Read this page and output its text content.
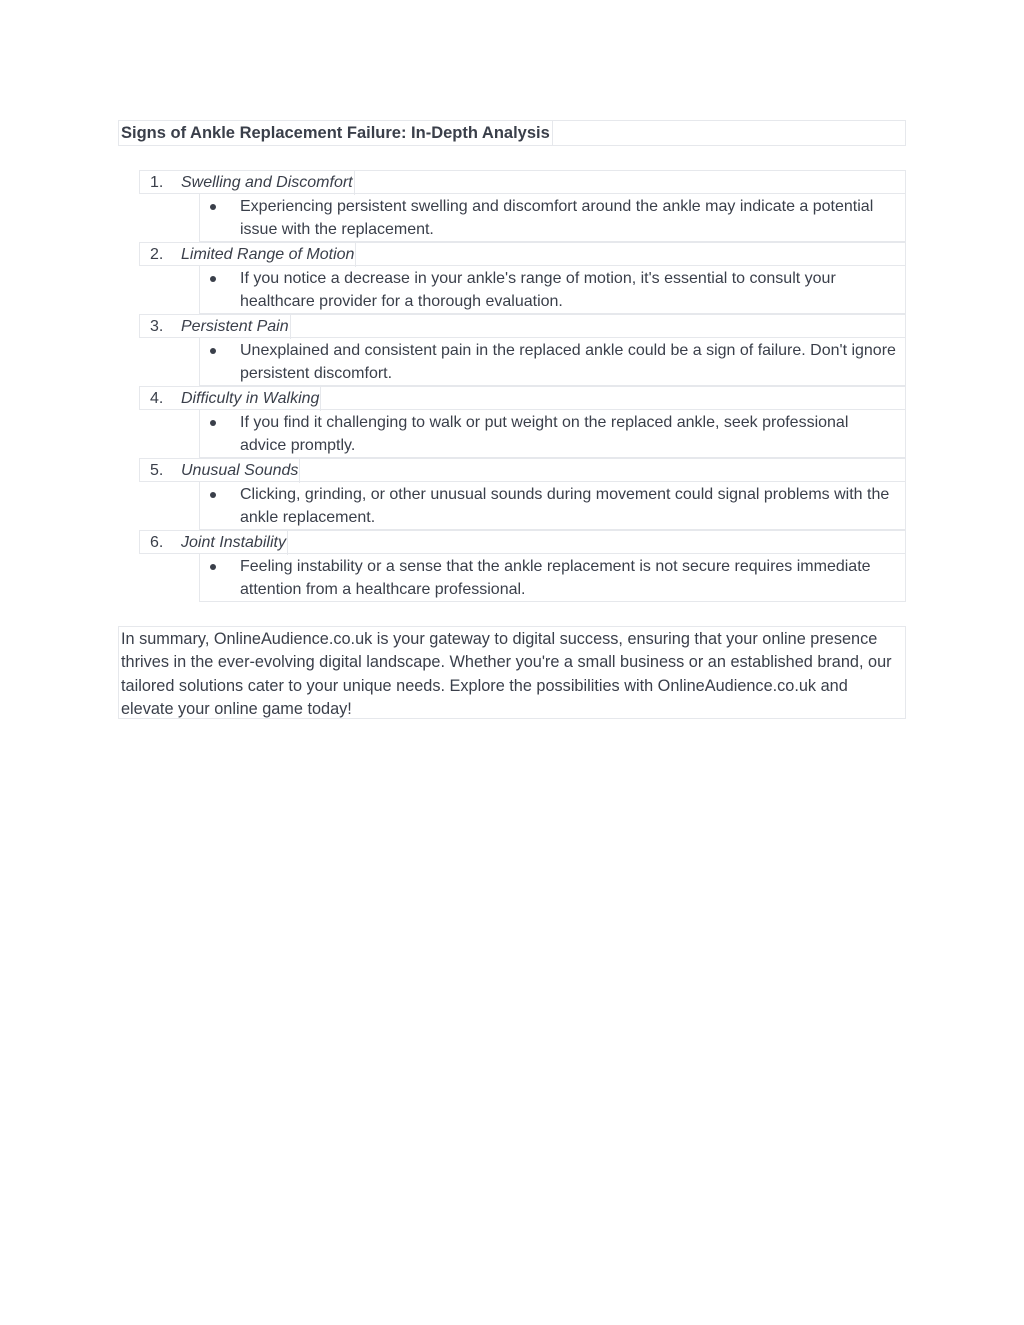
Signs of Ankle Replacement Failure: In-Depth Analysis
1. Swelling and Discomfort
Experiencing persistent swelling and discomfort around the ankle may indicate a potential issue with the replacement.
2. Limited Range of Motion
If you notice a decrease in your ankle's range of motion, it's essential to consult your healthcare provider for a thorough evaluation.
3. Persistent Pain
Unexplained and consistent pain in the replaced ankle could be a sign of failure. Don't ignore persistent discomfort.
4. Difficulty in Walking
If you find it challenging to walk or put weight on the replaced ankle, seek professional advice promptly.
5. Unusual Sounds
Clicking, grinding, or other unusual sounds during movement could signal problems with the ankle replacement.
6. Joint Instability
Feeling instability or a sense that the ankle replacement is not secure requires immediate attention from a healthcare professional.
In summary, OnlineAudience.co.uk is your gateway to digital success, ensuring that your online presence thrives in the ever-evolving digital landscape. Whether you're a small business or an established brand, our tailored solutions cater to your unique needs. Explore the possibilities with OnlineAudience.co.uk and elevate your online game today!
